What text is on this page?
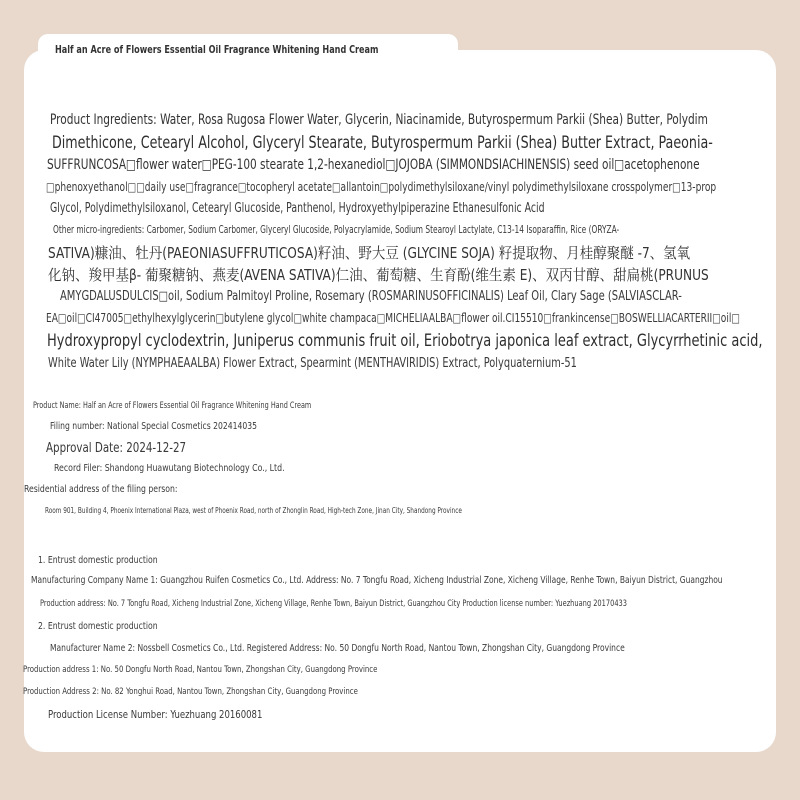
Half an Acre of Flowers Essential Oil Fragrance Whitening Hand Cream
Product Ingredients: Water, Rosa Rugosa Flower Water, Glycerin, Niacinamide, Butyrospermum Parkii (Shea) Butter, Polydim
Dimethicone, Cetearyl Alcohol, Glyceryl Stearate, Butyrospermum Parkii (Shea) Butter Extract, Paeonia-
SUFFRUNCOSA□flower water□PEG-100 stearate 1,2-hexanediol□JOJOBA (SIMMONDSIACHINENSIS) seed oil□acetophenone
□phenoxyethanol□□daily use□fragrance□tocopheryl acetate□allantoin□polydimethylsiloxane/vinyl polydimethylsiloxane crosspolymer□13-prop
Glycol, Polydimethylsiloxanol, Cetearyl Glucoside, Panthenol, Hydroxyethylpiperazine Ethanesulfonic Acid
Other micro-ingredients: Carbomer, Sodium Carbomer, Glyceryl Glucoside, Polyacrylamide, Sodium Stearoyl Lactylate, C13-14 Isoparaffin, Rice (ORYZA-
SATIVA)糠油、牡丹(PAEONIASUFFRUTICOSA)籽油、野大豆 (GLYCINE SOJA) 籽提取物、月桂醇聚醚 -7、氢氧
化钠、羧甲基β- 葡聚糖钠、燕麦(AVENA SATIVA)仁油、葡萄糖、生育酚(维生素 E)、双丙甘醇、甜扁桃(PRUNUS
AMYGDALUSDULCIS□oil, Sodium Palmitoyl Proline, Rosemary (ROSMARINUSOFFICINALIS) Leaf Oil, Clary Sage (SALVIASCLAR-
EA□oil□CI47005□ethylhexylglycerin□butylene glycol□white champaca□MICHELIAALBA□flower oil.CI15510□frankincense□BOSWELLIACARTERII□oil□
Hydroxypropyl cyclodextrin, Juniperus communis fruit oil, Eriobotrya japonica leaf extract, Glycyrrhetinic acid,
White Water Lily (NYMPHAEAALBA) Flower Extract, Spearmint (MENTHAVIRIDIS) Extract, Polyquaternium-51
Product Name: Half an Acre of Flowers Essential Oil Fragrance Whitening Hand Cream
Filing number: National Special Cosmetics 202414035
Approval Date: 2024-12-27
Record Filer: Shandong Huawutang Biotechnology Co., Ltd.
Residential address of the filing person:
Room 901, Building 4, Phoenix International Plaza, west of Phoenix Road, north of Zhonglin Road, High-tech Zone, Jinan City, Shandong Province
1. Entrust domestic production
Manufacturing Company Name 1: Guangzhou Ruifen Cosmetics Co., Ltd. Address: No. 7 Tongfu Road, Xicheng Industrial Zone, Xicheng Village, Renhe Town, Baiyun District, Guangzhou
Production address: No. 7 Tongfu Road, Xicheng Industrial Zone, Xicheng Village, Renhe Town, Baiyun District, Guangzhou City Production license number: Yuezhuang 20170433
2. Entrust domestic production
Manufacturer Name 2: Nossbell Cosmetics Co., Ltd. Registered Address: No. 50 Dongfu North Road, Nantou Town, Zhongshan City, Guangdong Province
Production address 1: No. 50 Dongfu North Road, Nantou Town, Zhongshan City, Guangdong Province
Production Address 2: No. 82 Yonghui Road, Nantou Town, Zhongshan City, Guangdong Province
Production License Number: Yuezhuang 20160081
